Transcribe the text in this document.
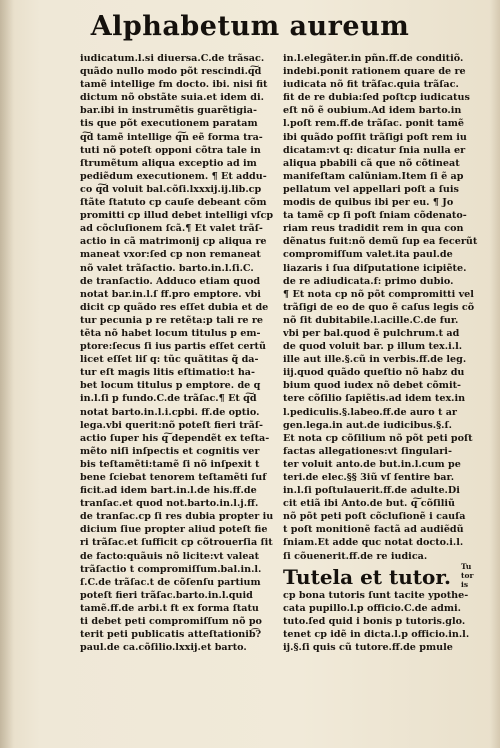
Alphabetum aureum
iudicatum.l.si diuersa.C.de trãsac.
quãdo nullo modo põt rescindi.q͠d
tamẽ intellige fm docto. ibi. nisi fit
dictum nõ obstãte suia.et idem di.
bar.ibi in instrumẽtis guarẽtigia-
tis que põt executionem paratam
q͠d tamẽ intellige q͠n eẽ forma tra-
tuti nõ poteſt opponi cõtra tale in
ſtrumẽtum aliqua exceptio ad im
pediẽdum executionem. ¶ Et addu-
co q͠d voluit bal.cõſi.lxxxij.ij.lib.cp
ſtãte ſtatuto cp cauſe debeant cõm
promitti cp illud debet intelligi vſcp
ad cõcluſionem ſcã.¶ Et valet trãſ-
actio in cã matrimonij cp aliqua re
maneat vxor:ſed cp non remaneat
nõ valet trãſactio. barto.in.l.ſi.C.
de tranſactio. Adduco etiam quod
notat bar.in.l.ſ ff.pro emptore. vbi
dicit cp quãdo res eſſet dubia et de
tur pecunia p re retẽta:p tali re re
tẽta nõ habet locum titulus p em-
ptore:ſecus ſi ius partis eſſet certũ
licet eſſet liſ q: tũc quãtitas q̃ da-
tur eſt magis litis eſtimatio:t ha-
bet locum titulus p emptore. de q
in.l.ſi p fundo.C.de trãſac.¶ Et q͠d
notat barto.in.l.i.cpbi. ff.de optio.
lega.vbi querit:nõ poteſt fieri trãſ-
actio ſuper his q͠ dependẽt ex teſta-
mẽto niſi inſpectis et cognitis ver
bis teſtamẽti:tamẽ ſi nõ inſpexit t
bene ſciebat tenorem teſtamẽti ſuf
ficit.ad idem bart.in.l.de his.ff.de
tranſac.et quod not.barto.in.l.j.ff.
de tranſac.cp ſi res dubia propter iu
dicium ſiue propter aliud poteſt fie
ri trãſac.et ſufficit cp cõtrouerſia ſit
de facto:quãuis nõ licite:vt valeat
trãſactio t compromiſſum.bal.in.l.
ſ.C.de trãſac.t de cõſenſu partium
poteſt fieri trãſac.barto.in.l.quid
tamẽ.ff.de arbi.t ft ex forma ſtatu
ti debet peti compromiſſum nõ po
terit peti publicatis atteſtationib͡?
paul.de ca.cõſilio.lxxij.et barto.
in.l.elegãter.in pñn.ff.de conditiõ.
indebi.ponit rationem quare de re
iudicata nõ fit trãſac.quia trãſac.
fit de re dubia:ſed poſtcp iudicatus
eſt nõ ẽ oubium.Ad idem barto.in
l.poſt rem.ff.de trãſac. ponit tamẽ
ibi quãdo poſſit trãſigi poſt rem iu
dicatam:vt q: dicatur ſnia nulla er
aliqua pbabili cã que nõ cõtineat
manifeſtam calũniam.Item ſi ẽ ap
pellatum vel appellari poſt a ſuis
modis de quibus ibi per eu. ¶ Jo
ta tamẽ cp ſi poſt ſniam cõdenato-
riam reus tradidit rem in qua con
dẽnatus fuit:nõ demũ ſup ea fecerũt
compromiſſum valet.ita paul.de
liazaris i ſua diſputatione icipiẽte.
de re adiudicata.f: primo dubio.
¶ Et nota cp nõ põt compromitti vel
trãſigi de eo de quo ẽ caſus legis cõ
nõ ſit dubitabile.l.acille.C.de fur.
vbi per bal.quod ẽ pulchrum.t ad
de quod voluit bar. p illum tex.i.l.
ille aut ille.§.cũ in verbis.ff.de leg.
iij.quod quãdo queſtio nõ habz du
bium quod iudex nõ debet cõmit-
tere cõſilio ſapiẽtis.ad idem tex.in
l.pediculis.§.labeo.ff.de auro t ar
gen.lega.in aut.de iudicibus.§.ſ.
Et nota cp cõſilium nõ põt peti poſt
factas allegationes:vt ſingulari-
ter voluit anto.de but.in.l.cum pe
teri.de elec.§§ 3iũ vſ ſentire bar.
in.l.ſi poſtulauerit.ff.de adulte.Di
cit etiã ibi Anto.de but. q͠ cõſiliũ
nõ põt peti poſt cõcluſionẽ i cauſa
t poſt monitionẽ factã ad audiẽdũ
ſniam.Et adde quc notat docto.i.l.
ſi cõuenerit.ff.de re iudica.
Tutela et tutor. Tu tor is
cp bona tutoris ſunt tacite ypothe-
cata pupillo.l.p officio.C.de admi.
tuto.ſed quid i bonis p tutoris.glo.
tenet cp idẽ in dicta.l.p officio.in.l.
ij.§.ſi quis cũ tutore.ff.de pmule
